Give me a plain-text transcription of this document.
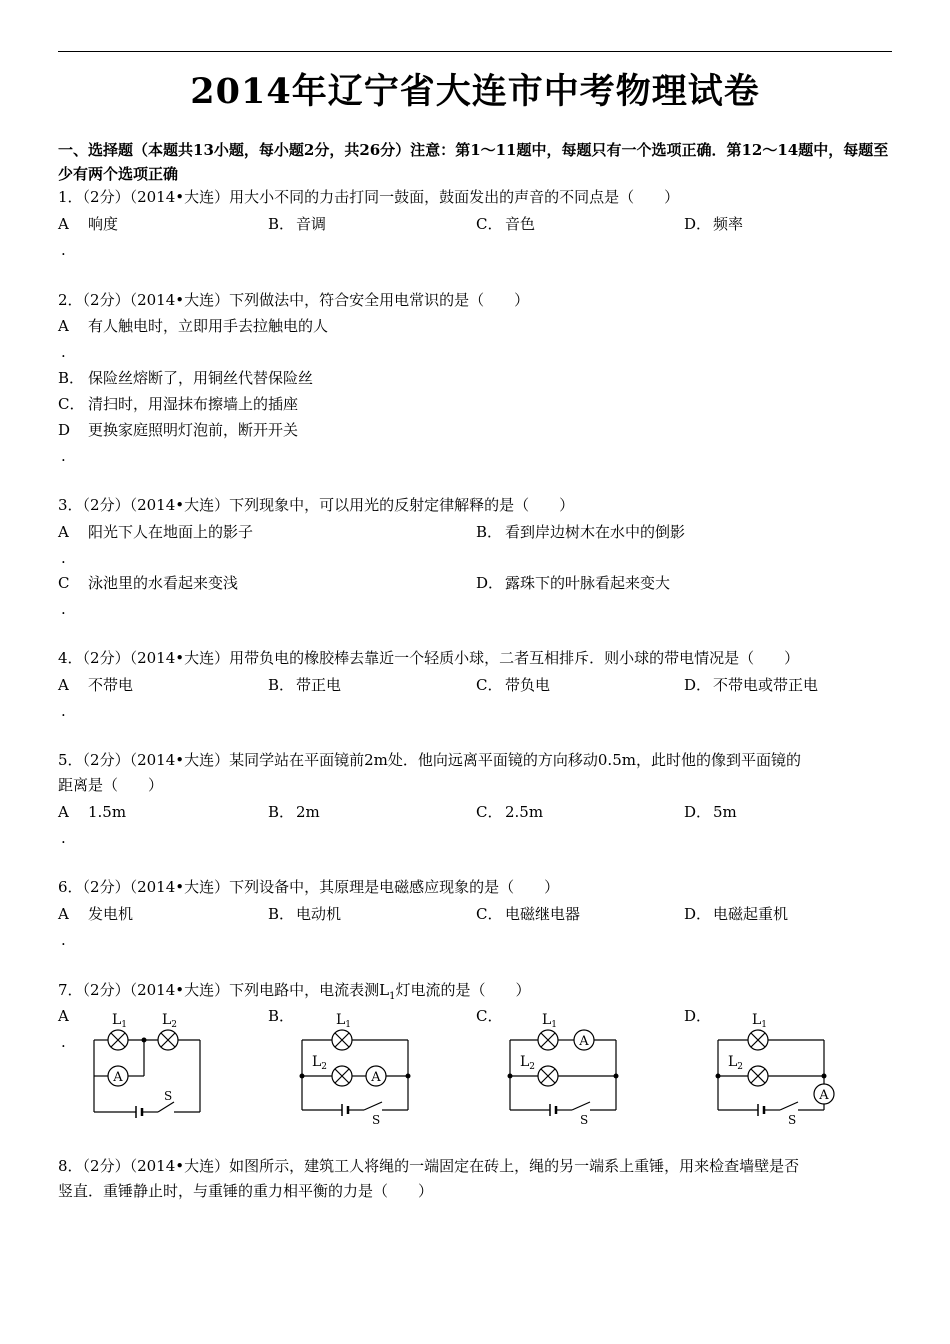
2014年辽宁省大连市中考物理试卷
一、选择题（本题共13小题，每小题2分，共26分）注意：第1～11题中，每题只有一个选项正确．第12～14题中，每题至少有两个选项正确
1．（2分）（2014•大连）用大小不同的力击打同一鼓面，鼓面发出的声音的不同点是（　　）
A 响度	B． 音调	C． 音色	D． 频率
.
2．（2分）（2014•大连）下列做法中，符合安全用电常识的是（　　）
A 有人触电时，立即用手去拉触电的人
.
B． 保险丝熔断了，用铜丝代替保险丝
C． 清扫时，用湿抹布擦墙上的插座
D 更换家庭照明灯泡前，断开开关
.
3．（2分）（2014•大连）下列现象中，可以用光的反射定律解释的是（　　）
A 阳光下人在地面上的影子	B． 看到岸边树木在水中的倒影
.
C 泳池里的水看起来变浅	D． 露珠下的叶脉看起来变大
.
4．（2分）（2014•大连）用带负电的橡胶棒去靠近一个轻质小球，二者互相排斥．则小球的带电情况是（　　）
A 不带电	B． 带正电	C． 带负电	D． 不带电或带正电
.
5．（2分）（2014•大连）某同学站在平面镜前2m处．他向远离平面镜的方向移动0.5m，此时他的像到平面镜的
距离是（　　）
A 1.5m	B． 2m	C． 2.5m	D． 5m
.
6．（2分）（2014•大连）下列设备中，其原理是电磁感应现象的是（　　）
A 发电机	B． 电动机	C． 电磁继电器	D． 电磁起重机
.
7．（2分）（2014•大连）下列电路中，电流表测$L_1$灯电流的是（　　）
A
.
B．	C．	D．
A
$L_1$ $L_2$
S
A
$L_1$
$L_2$
S
A
$L_1$
$L_2$
S
A
$L_1$
$L_2$
S
8．（2分）（2014•大连）如图所示，建筑工人将绳的一端固定在砖上，绳的另一端系上重锤，用来检查墙壁是否
竖直．重锤静止时，与重锤的重力相平衡的力是（　　）
